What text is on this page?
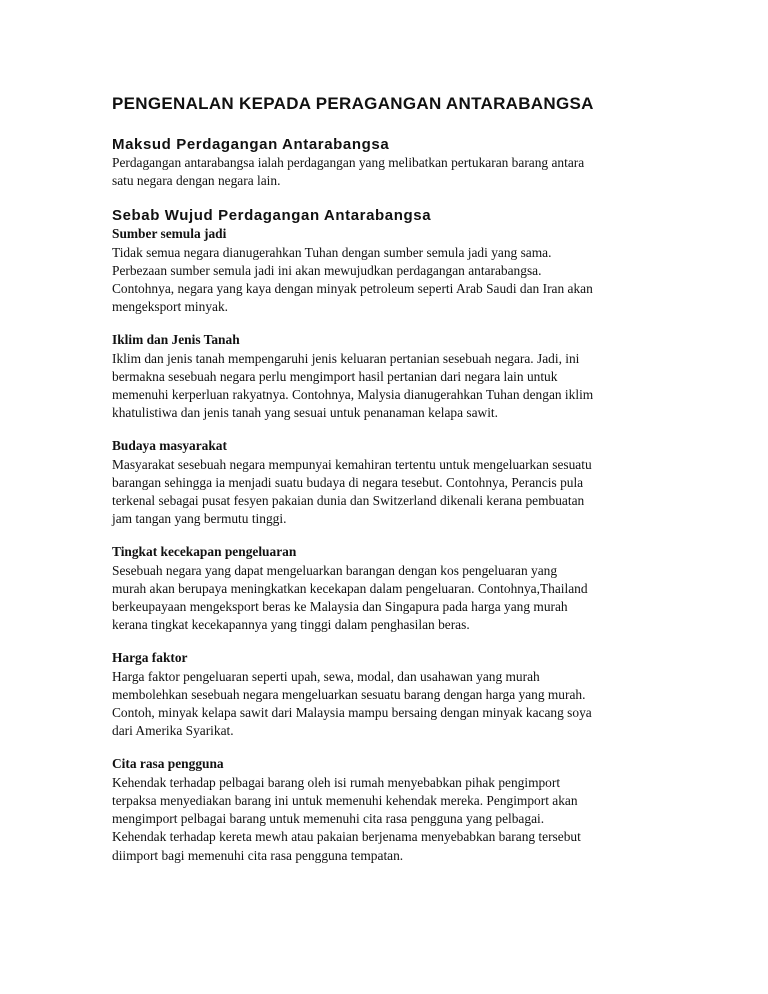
PENGENALAN KEPADA PERAGANGAN ANTARABANGSA
Maksud Perdagangan Antarabangsa
Perdagangan antarabangsa ialah perdagangan yang melibatkan pertukaran barang antara
satu negara dengan negara lain.
Sebab Wujud Perdagangan Antarabangsa
Sumber semula jadi
Tidak semua negara dianugerahkan Tuhan dengan sumber semula jadi yang sama.
Perbezaan sumber semula jadi ini akan mewujudkan perdagangan antarabangsa.
Contohnya, negara yang kaya dengan minyak petroleum seperti Arab Saudi dan Iran akan
mengeksport minyak.
Iklim dan Jenis Tanah
Iklim dan jenis tanah mempengaruhi jenis keluaran pertanian sesebuah negara. Jadi, ini
bermakna sesebuah negara perlu mengimport hasil pertanian dari negara lain untuk
memenuhi kerperluan rakyatnya. Contohnya, Malysia dianugerahkan Tuhan dengan iklim
khatulistiwa dan jenis tanah yang sesuai untuk penanaman kelapa sawit.
Budaya masyarakat
Masyarakat sesebuah negara mempunyai kemahiran tertentu untuk mengeluarkan sesuatu
barangan sehingga ia menjadi suatu budaya di negara tesebut. Contohnya, Perancis pula
terkenal sebagai pusat fesyen pakaian dunia dan Switzerland dikenali kerana pembuatan
jam tangan yang bermutu tinggi.
Tingkat kecekapan pengeluaran
Sesebuah negara yang dapat mengeluarkan barangan dengan kos pengeluaran yang
murah akan berupaya meningkatkan kecekapan dalam pengeluaran. Contohnya,Thailand
berkeupayaan mengeksport beras ke Malaysia dan Singapura pada harga yang murah
kerana tingkat kecekapannya yang tinggi dalam penghasilan beras.
Harga faktor
Harga faktor pengeluaran seperti upah, sewa, modal, dan usahawan yang murah
membolehkan sesebuah negara mengeluarkan sesuatu barang dengan harga yang murah.
Contoh, minyak kelapa sawit dari Malaysia mampu bersaing dengan minyak kacang soya
dari Amerika Syarikat.
Cita rasa pengguna
Kehendak terhadap pelbagai barang oleh isi rumah menyebabkan pihak pengimport
terpaksa menyediakan barang ini untuk memenuhi kehendak mereka. Pengimport akan
mengimport pelbagai barang untuk memenuhi cita rasa pengguna yang pelbagai.
Kehendak terhadap kereta mewh atau pakaian berjenama menyebabkan barang tersebut
diimport bagi memenuhi cita rasa pengguna tempatan.
